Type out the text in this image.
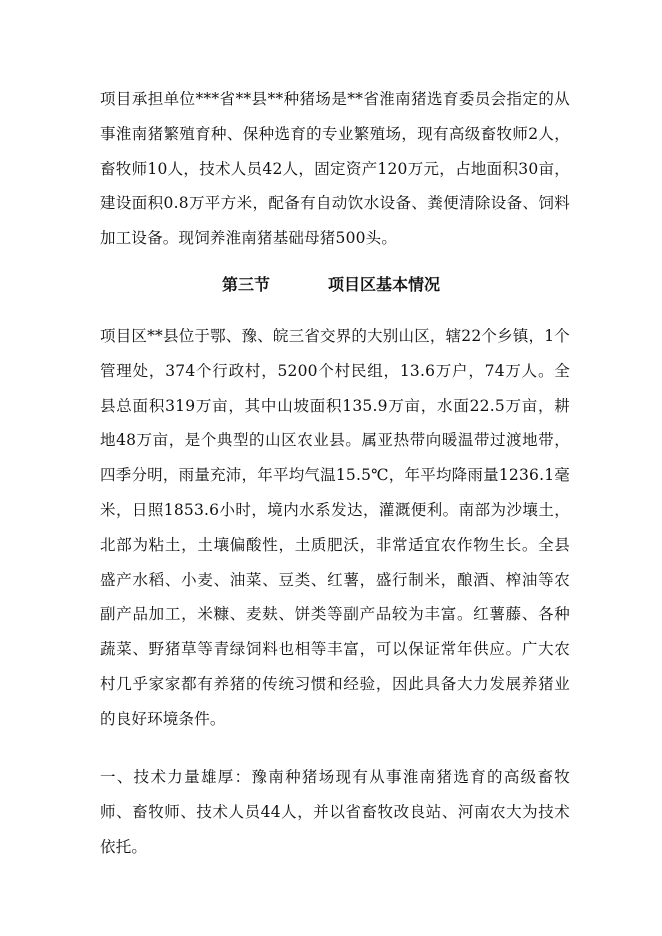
项目承担单位***省**县**种猪场是**省淮南猪选育委员会指定的从事淮南猪繁殖育种、保种选育的专业繁殖场，现有高级畜牧师2人，畜牧师10人，技术人员42人，固定资产120万元，占地面积30亩，建设面积0.8万平方米，配备有自动饮水设备、粪便清除设备、饲料加工设备。现饲养淮南猪基础母猪500头。
第三节	项目区基本情况
项目区**县位于鄂、豫、皖三省交界的大别山区，辖22个乡镇，1个管理处，374个行政村，5200个村民组，13.6万户，74万人。全县总面积319万亩，其中山坡面积135.9万亩，水面22.5万亩，耕地48万亩，是个典型的山区农业县。属亚热带向暖温带过渡地带，四季分明，雨量充沛，年平均气温15.5℃，年平均降雨量1236.1毫米，日照1853.6小时，境内水系发达，灌溉便利。南部为沙壤土，北部为粘土，土壤偏酸性，土质肥沃，非常适宜农作物生长。全县盛产水稻、小麦、油菜、豆类、红薯，盛行制米，酿酒、榨油等农副产品加工，米糠、麦麸、饼类等副产品较为丰富。红薯藤、各种蔬菜、野猪草等青绿饲料也相等丰富，可以保证常年供应。广大农村几乎家家都有养猪的传统习惯和经验，因此具备大力发展养猪业的良好环境条件。
一、技术力量雄厚：豫南种猪场现有从事淮南猪选育的高级畜牧师、畜牧师、技术人员44人，并以省畜牧改良站、河南农大为技术依托。
